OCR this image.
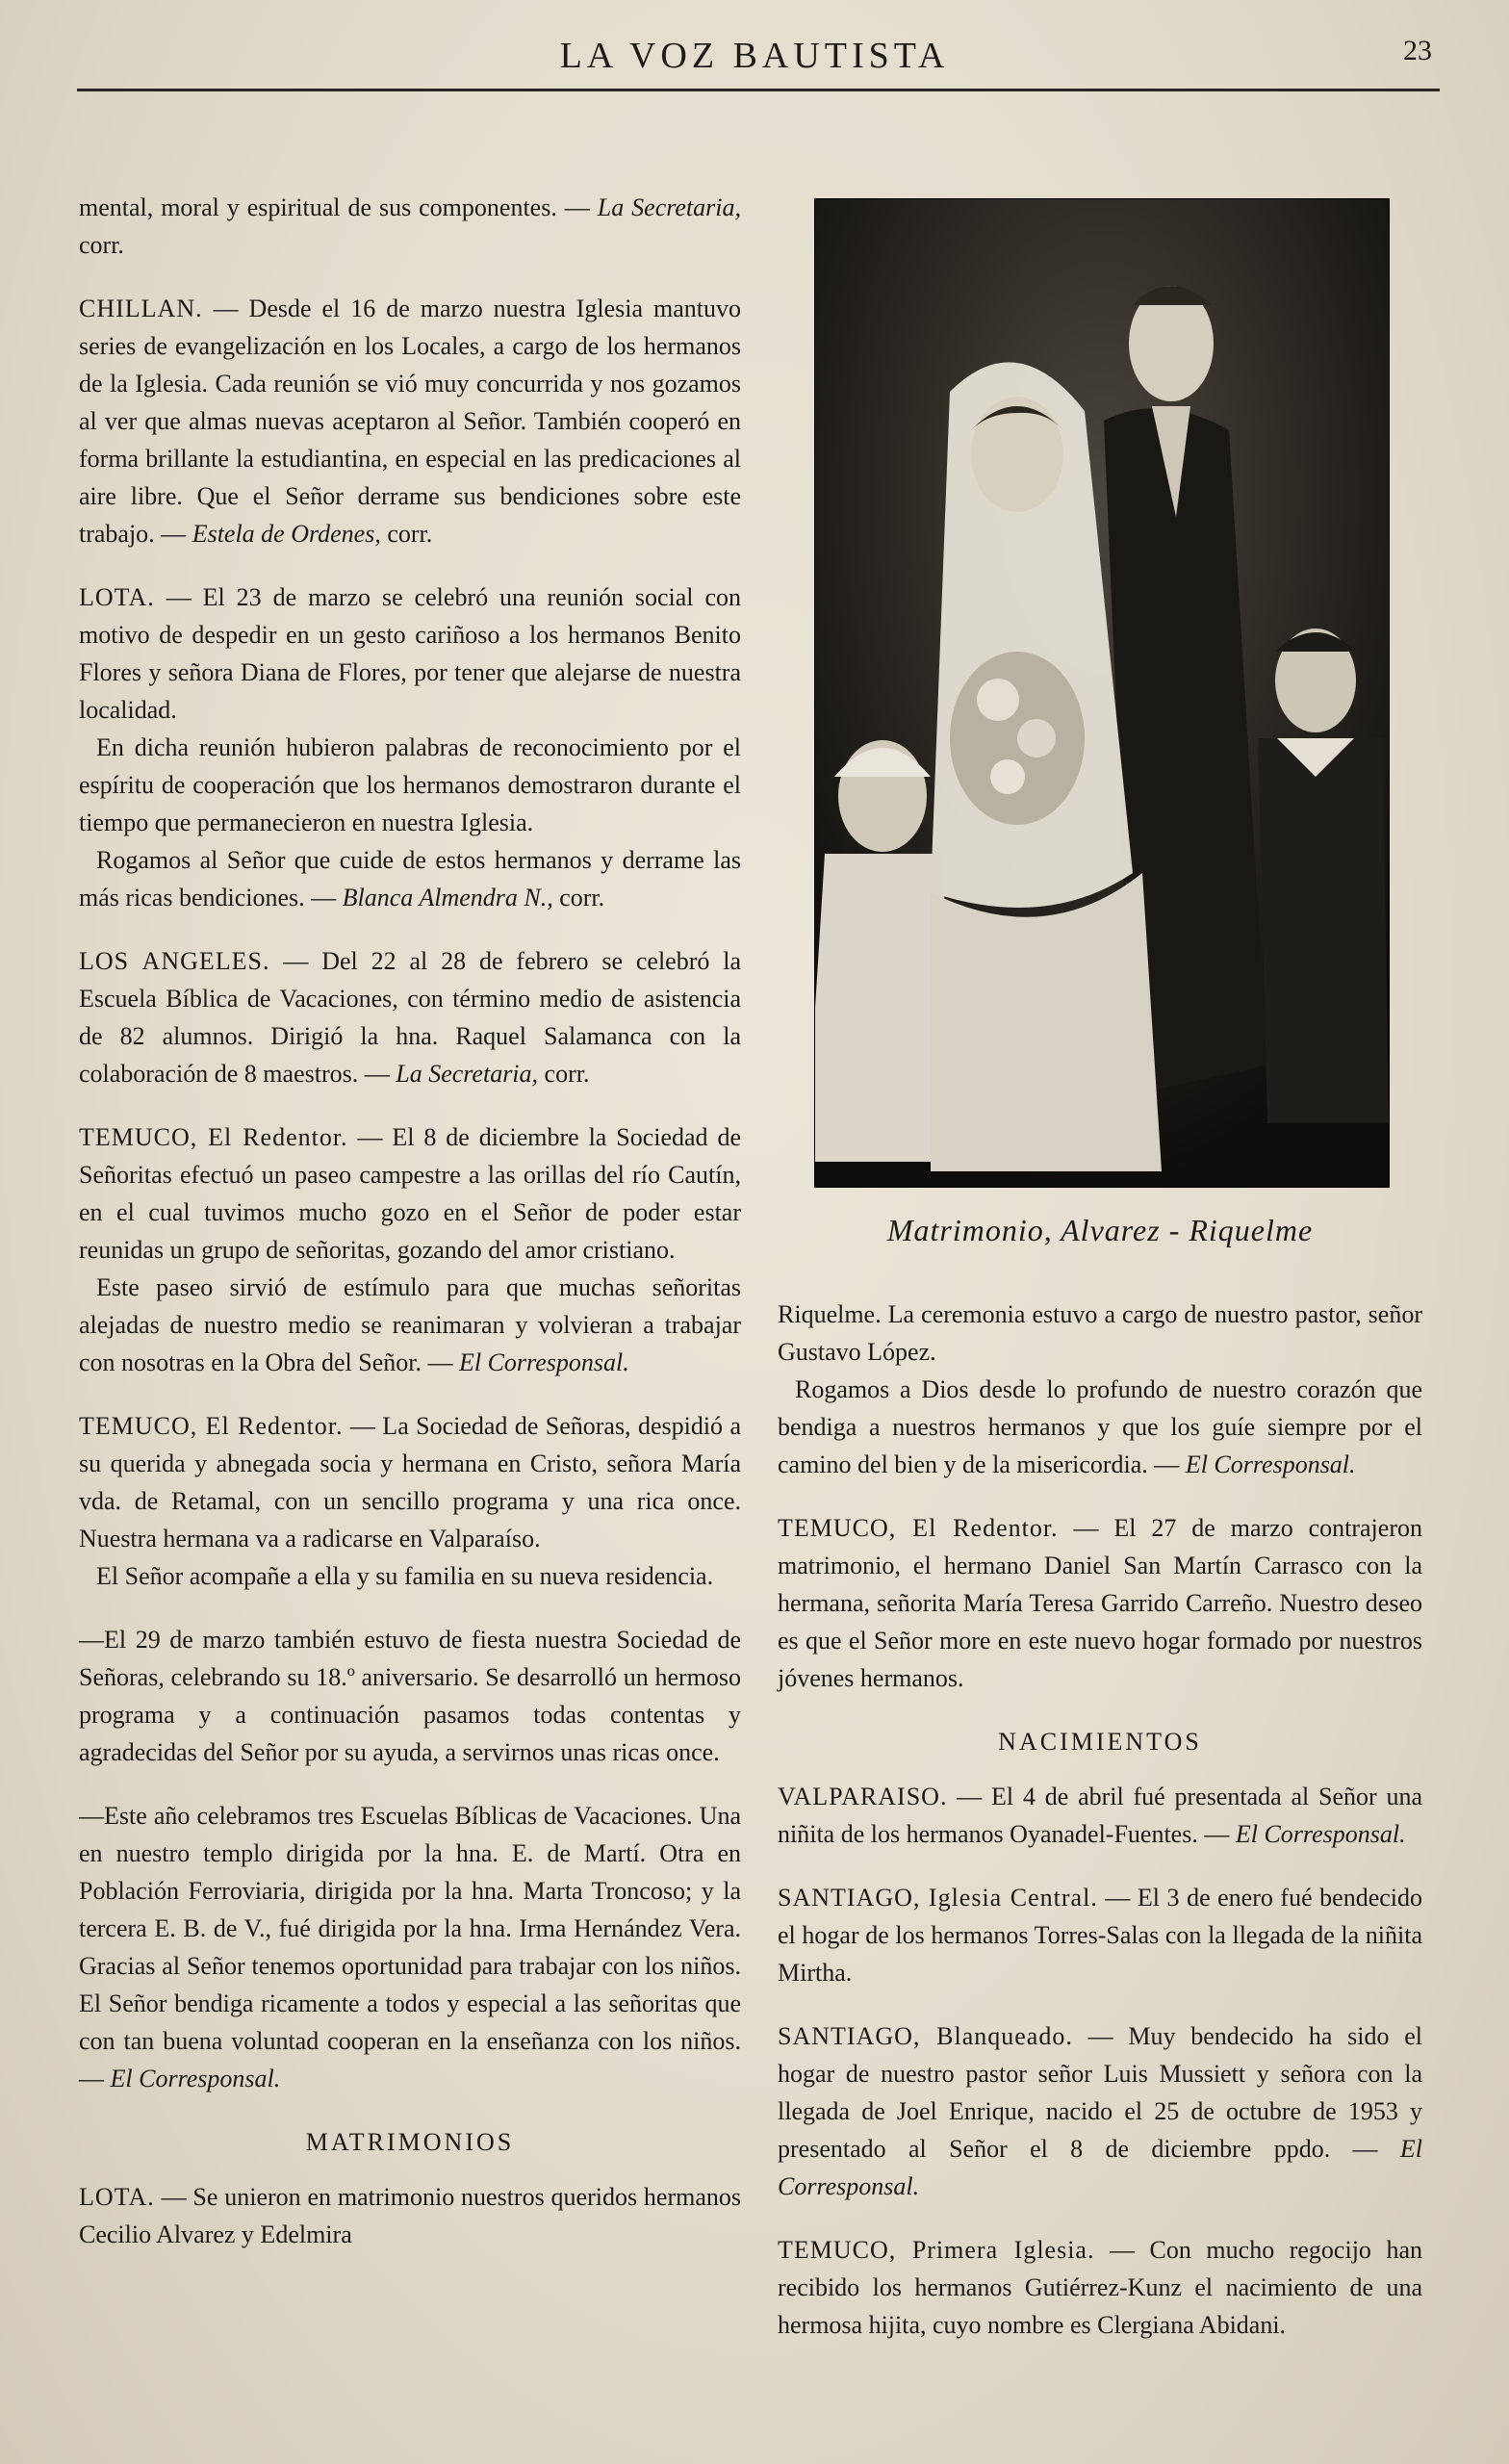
LA VOZ BAUTISTA	23

mental, moral y espiritual de sus componentes. — La Secretaria, corr.

CHILLAN. — Desde el 16 de marzo nuestra Iglesia mantuvo series de evangelización en los Locales, a cargo de los hermanos de la Iglesia. Cada reunión se vió muy concurrida y nos gozamos al ver que almas nuevas aceptaron al Señor. También cooperó en forma brillante la estudiantina, en especial en las predicaciones al aire libre. Que el Señor derrame sus bendiciones sobre este trabajo. — Estela de Ordenes, corr.

LOTA. — El 23 de marzo se celebró una reunión social con motivo de despedir en un gesto cariñoso a los hermanos Benito Flores y señora Diana de Flores, por tener que alejarse de nuestra localidad.

En dicha reunión hubieron palabras de reconocimiento por el espíritu de cooperación que los hermanos demostraron durante el tiempo que permanecieron en nuestra Iglesia.

Rogamos al Señor que cuide de estos hermanos y derrame las más ricas bendiciones. — Blanca Almendra N., corr.

LOS ANGELES. — Del 22 al 28 de febrero se celebró la Escuela Bíblica de Vacaciones, con término medio de asistencia de 82 alumnos. Dirigió la hna. Raquel Salamanca con la colaboración de 8 maestros. — La Secretaria, corr.

TEMUCO, El Redentor. — El 8 de diciembre la Sociedad de Señoritas efectuó un paseo campestre a las orillas del río Cautín, en el cual tuvimos mucho gozo en el Señor de poder estar reunidas un grupo de señoritas, gozando del amor cristiano.

Este paseo sirvió de estímulo para que muchas señoritas alejadas de nuestro medio se reanimaran y volvieran a trabajar con nosotras en la Obra del Señor. — El Corresponsal.

TEMUCO, El Redentor. — La Sociedad de Señoras, despidió a su querida y abnegada socia y hermana en Cristo, señora María vda. de Retamal, con un sencillo programa y una rica once. Nuestra hermana va a radicarse en Valparaíso.

El Señor acompañe a ella y su familia en su nueva residencia.

—El 29 de marzo también estuvo de fiesta nuestra Sociedad de Señoras, celebrando su 18.º aniversario. Se desarrolló un hermoso programa y a continuación pasamos todas contentas y agradecidas del Señor por su ayuda, a servirnos unas ricas once.

—Este año celebramos tres Escuelas Bíblicas de Vacaciones. Una en nuestro templo dirigida por la hna. E. de Martí. Otra en Población Ferroviaria, dirigida por la hna. Marta Troncoso; y la tercera E. B. de V., fué dirigida por la hna. Irma Hernández Vera. Gracias al Señor tenemos oportunidad para trabajar con los niños. El Señor bendiga ricamente a todos y especial a las señoritas que con tan buena voluntad cooperan en la enseñanza con los niños. — El Corresponsal.

MATRIMONIOS

LOTA. — Se unieron en matrimonio nuestros queridos hermanos Cecilio Alvarez y Edelmira

Matrimonio, Alvarez - Riquelme

Riquelme. La ceremonia estuvo a cargo de nuestro pastor, señor Gustavo López.

Rogamos a Dios desde lo profundo de nuestro corazón que bendiga a nuestros hermanos y que los guíe siempre por el camino del bien y de la misericordia. — El Corresponsal.

TEMUCO, El Redentor. — El 27 de marzo contrajeron matrimonio, el hermano Daniel San Martín Carrasco con la hermana, señorita María Teresa Garrido Carreño. Nuestro deseo es que el Señor more en este nuevo hogar formado por nuestros jóvenes hermanos.

NACIMIENTOS

VALPARAISO. — El 4 de abril fué presentada al Señor una niñita de los hermanos Oyanadel-Fuentes. — El Corresponsal.

SANTIAGO, Iglesia Central. — El 3 de enero fué bendecido el hogar de los hermanos Torres-Salas con la llegada de la niñita Mirtha.

SANTIAGO, Blanqueado. — Muy bendecido ha sido el hogar de nuestro pastor señor Luis Mussiett y señora con la llegada de Joel Enrique, nacido el 25 de octubre de 1953 y presentado al Señor el 8 de diciembre ppdo. — El Corresponsal.

TEMUCO, Primera Iglesia. — Con mucho regocijo han recibido los hermanos Gutiérrez-Kunz el nacimiento de una hermosa hijita, cuyo nombre es Clergiana Abidani.
